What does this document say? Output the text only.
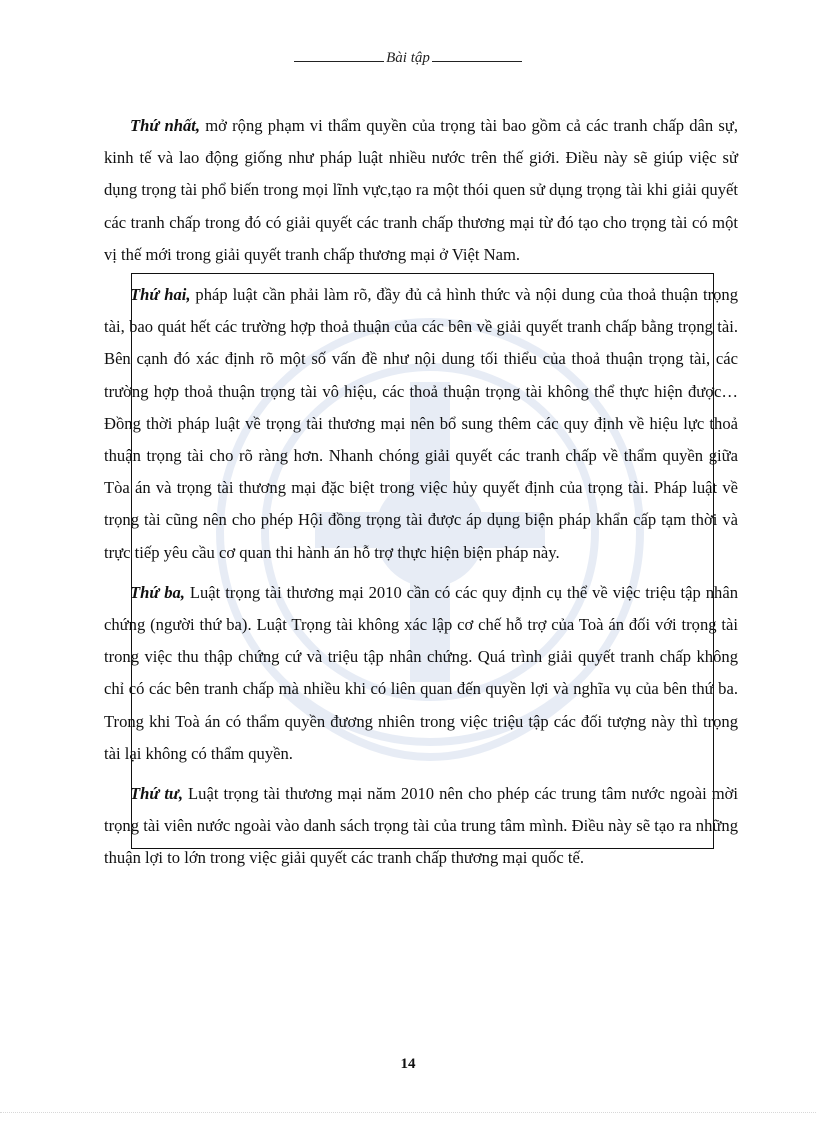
Bài tập

Thứ nhất, mở rộng phạm vi thẩm quyền của trọng tài bao gồm cả các tranh chấp dân sự, kinh tế và lao động giống như pháp luật nhiều nước trên thế giới. Điều này sẽ giúp việc sử dụng trọng tài phổ biến trong mọi lĩnh vực,tạo ra một thói quen sử dụng trọng tài khi giải quyết các tranh chấp trong đó có giải quyết các tranh chấp thương mại từ đó tạo cho trọng tài có một vị thế mới trong giải quyết tranh chấp thương mại ở Việt Nam.

Thứ hai, pháp luật cần phải làm rõ, đầy đủ cả hình thức và nội dung của thoả thuận trọng tài, bao quát hết các trường hợp thoả thuận của các bên về giải quyết tranh chấp bằng trọng tài. Bên cạnh đó xác định rõ một số vấn đề như nội dung tối thiểu của thoả thuận trọng tài, các trường hợp thoả thuận trọng tài vô hiệu, các thoả thuận trọng tài không thể thực hiện được…Đồng thời pháp luật về trọng tài thương mại nên bổ sung thêm các quy định về hiệu lực thoả thuận trọng tài cho rõ ràng hơn. Nhanh chóng giải quyết các tranh chấp về thẩm quyền giữa Tòa án và trọng tài thương mại đặc biệt trong việc hủy quyết định của trọng tài. Pháp luật về trọng tài cũng nên cho phép Hội đồng trọng tài được áp dụng biện pháp khẩn cấp tạm thời và trực tiếp yêu cầu cơ quan thi hành án hỗ trợ thực hiện biện pháp này.

Thứ ba, Luật trọng tài thương mại 2010 cần có các quy định cụ thể về việc triệu tập nhân chứng (người thứ ba). Luật Trọng tài không xác lập cơ chế hỗ trợ của Toà án đối với trọng tài trong việc thu thập chứng cứ và triệu tập nhân chứng. Quá trình giải quyết tranh chấp không chỉ có các bên tranh chấp mà nhiều khi có liên quan đến quyền lợi và nghĩa vụ của bên thứ ba. Trong khi Toà án có thẩm quyền đương nhiên trong việc triệu tập các đối tượng này thì trọng tài lại không có thẩm quyền.

Thứ tư, Luật trọng tài thương mại năm 2010 nên cho phép các trung tâm nước ngoài mời trọng tài viên nước ngoài vào danh sách trọng tài của trung tâm mình. Điều này sẽ tạo ra những thuận lợi to lớn trong việc giải quyết các tranh chấp thương mại quốc tế.

14
